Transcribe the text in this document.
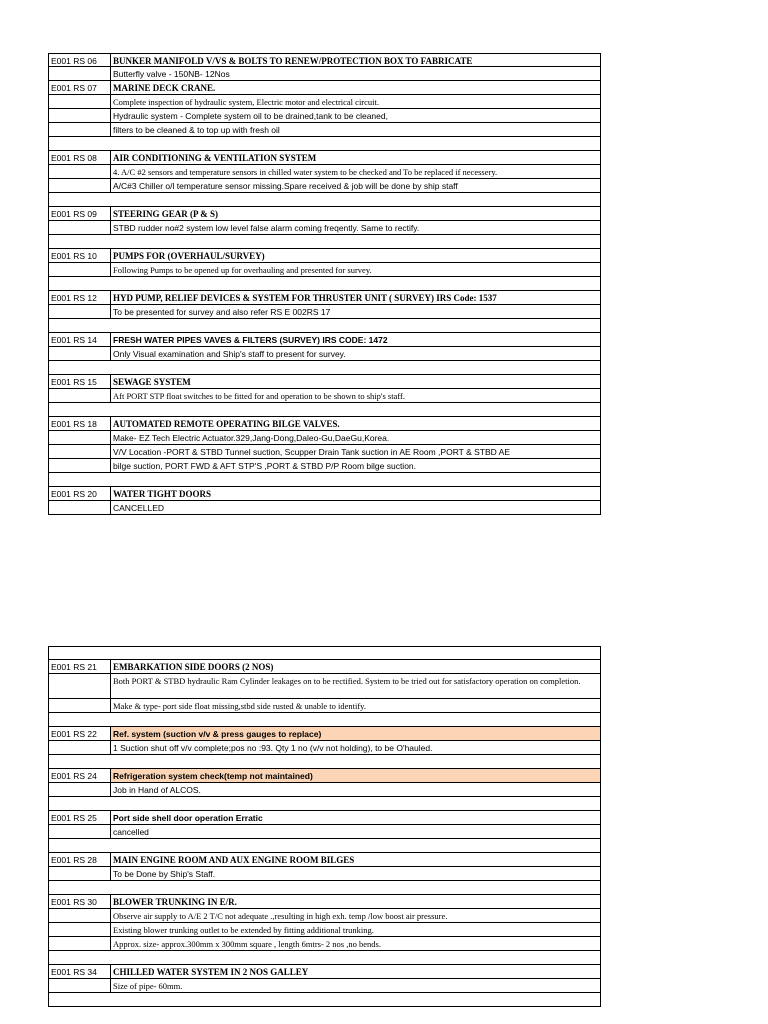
E001 RS 06	BUNKER MANIFOLD V/VS & BOLTS TO RENEW/PROTECTION BOX TO FABRICATE
Butterfly valve - 150NB- 12Nos
E001 RS 07	MARINE DECK CRANE.
Complete inspection of hydraulic system, Electric motor and electrical circuit.
Hydraulic system - Complete system oil to be drained,tank to be cleaned,
filters to be cleaned & to top up with fresh oil
E001 RS 08	AIR CONDITIONING & VENTILATION SYSTEM
4. A/C #2 sensors and temperature sensors in chilled water system to be checked and To be replaced if necessery.
A/C#3 Chiller o/l temperature sensor missing.Spare received & job will be done by ship staff
E001 RS 09	STEERING GEAR (P & S)
STBD rudder no#2 system low level false alarm coming freqently. Same to rectify.
E001 RS 10	PUMPS FOR (OVERHAUL/SURVEY)
Following Pumps to be opened up for overhauling and presented for survey.
E001 RS 12	HYD PUMP, RELIEF DEVICES & SYSTEM FOR THRUSTER UNIT ( SURVEY) IRS Code: 1537
To be presented for survey and also refer RS E 002RS 17
E001 RS 14	FRESH WATER PIPES VAVES & FILTERS (SURVEY) IRS CODE: 1472
Only Visual examination and Ship's staff to present for survey.
E001 RS 15	SEWAGE SYSTEM
Aft PORT STP float switches to be fitted for and operation to be shown to ship's staff.
E001 RS 18	AUTOMATED REMOTE OPERATING BILGE VALVES.
Make- EZ Tech Electric Actuator.329,Jang-Dong,Daleo-Gu,DaeGu,Korea.
V/V Location -PORT & STBD Tunnel suction, Scupper Drain Tank suction in AE Room ,PORT & STBD AE
bilge suction, PORT FWD & AFT STP'S ,PORT & STBD P/P Room bilge suction.
E001 RS 20	WATER TIGHT DOORS
CANCELLED
E001 RS 21	EMBARKATION SIDE DOORS (2 NOS)
Both PORT & STBD hydraulic Ram Cylinder leakages on to be rectified. System to be tried out for satisfactory operation on completion.
Make & type- port side float missing,stbd side rusted & unable to identify.
E001 RS 22	Ref. system (suction v/v & press gauges to replace)
1 Suction shut off v/v complete;pos no :93. Qty 1 no (v/v not holding), to be O'hauled.
E001 RS 24	Refrigeration system check(temp not maintained)
Job in Hand of ALCOS.
E001 RS 25	Port side shell door operation Erratic
cancelled
E001 RS 28	MAIN ENGINE ROOM AND AUX ENGINE ROOM BILGES
To be Done by Ship's Staff.
E001 RS 30	BLOWER TRUNKING IN E/R.
Observe air supply to A/E 2 T/C not adequate .,resulting in high exh. temp /low boost air pressure.
Existing blower trunking outlet to be extended by fitting additional trunking.
Approx. size- approx.300mm x 300mm square , length 6mtrs- 2 nos ,no bends.
E001 RS 34	CHILLED WATER SYSTEM IN 2 NOS GALLEY
Size of pipe- 60mm.
